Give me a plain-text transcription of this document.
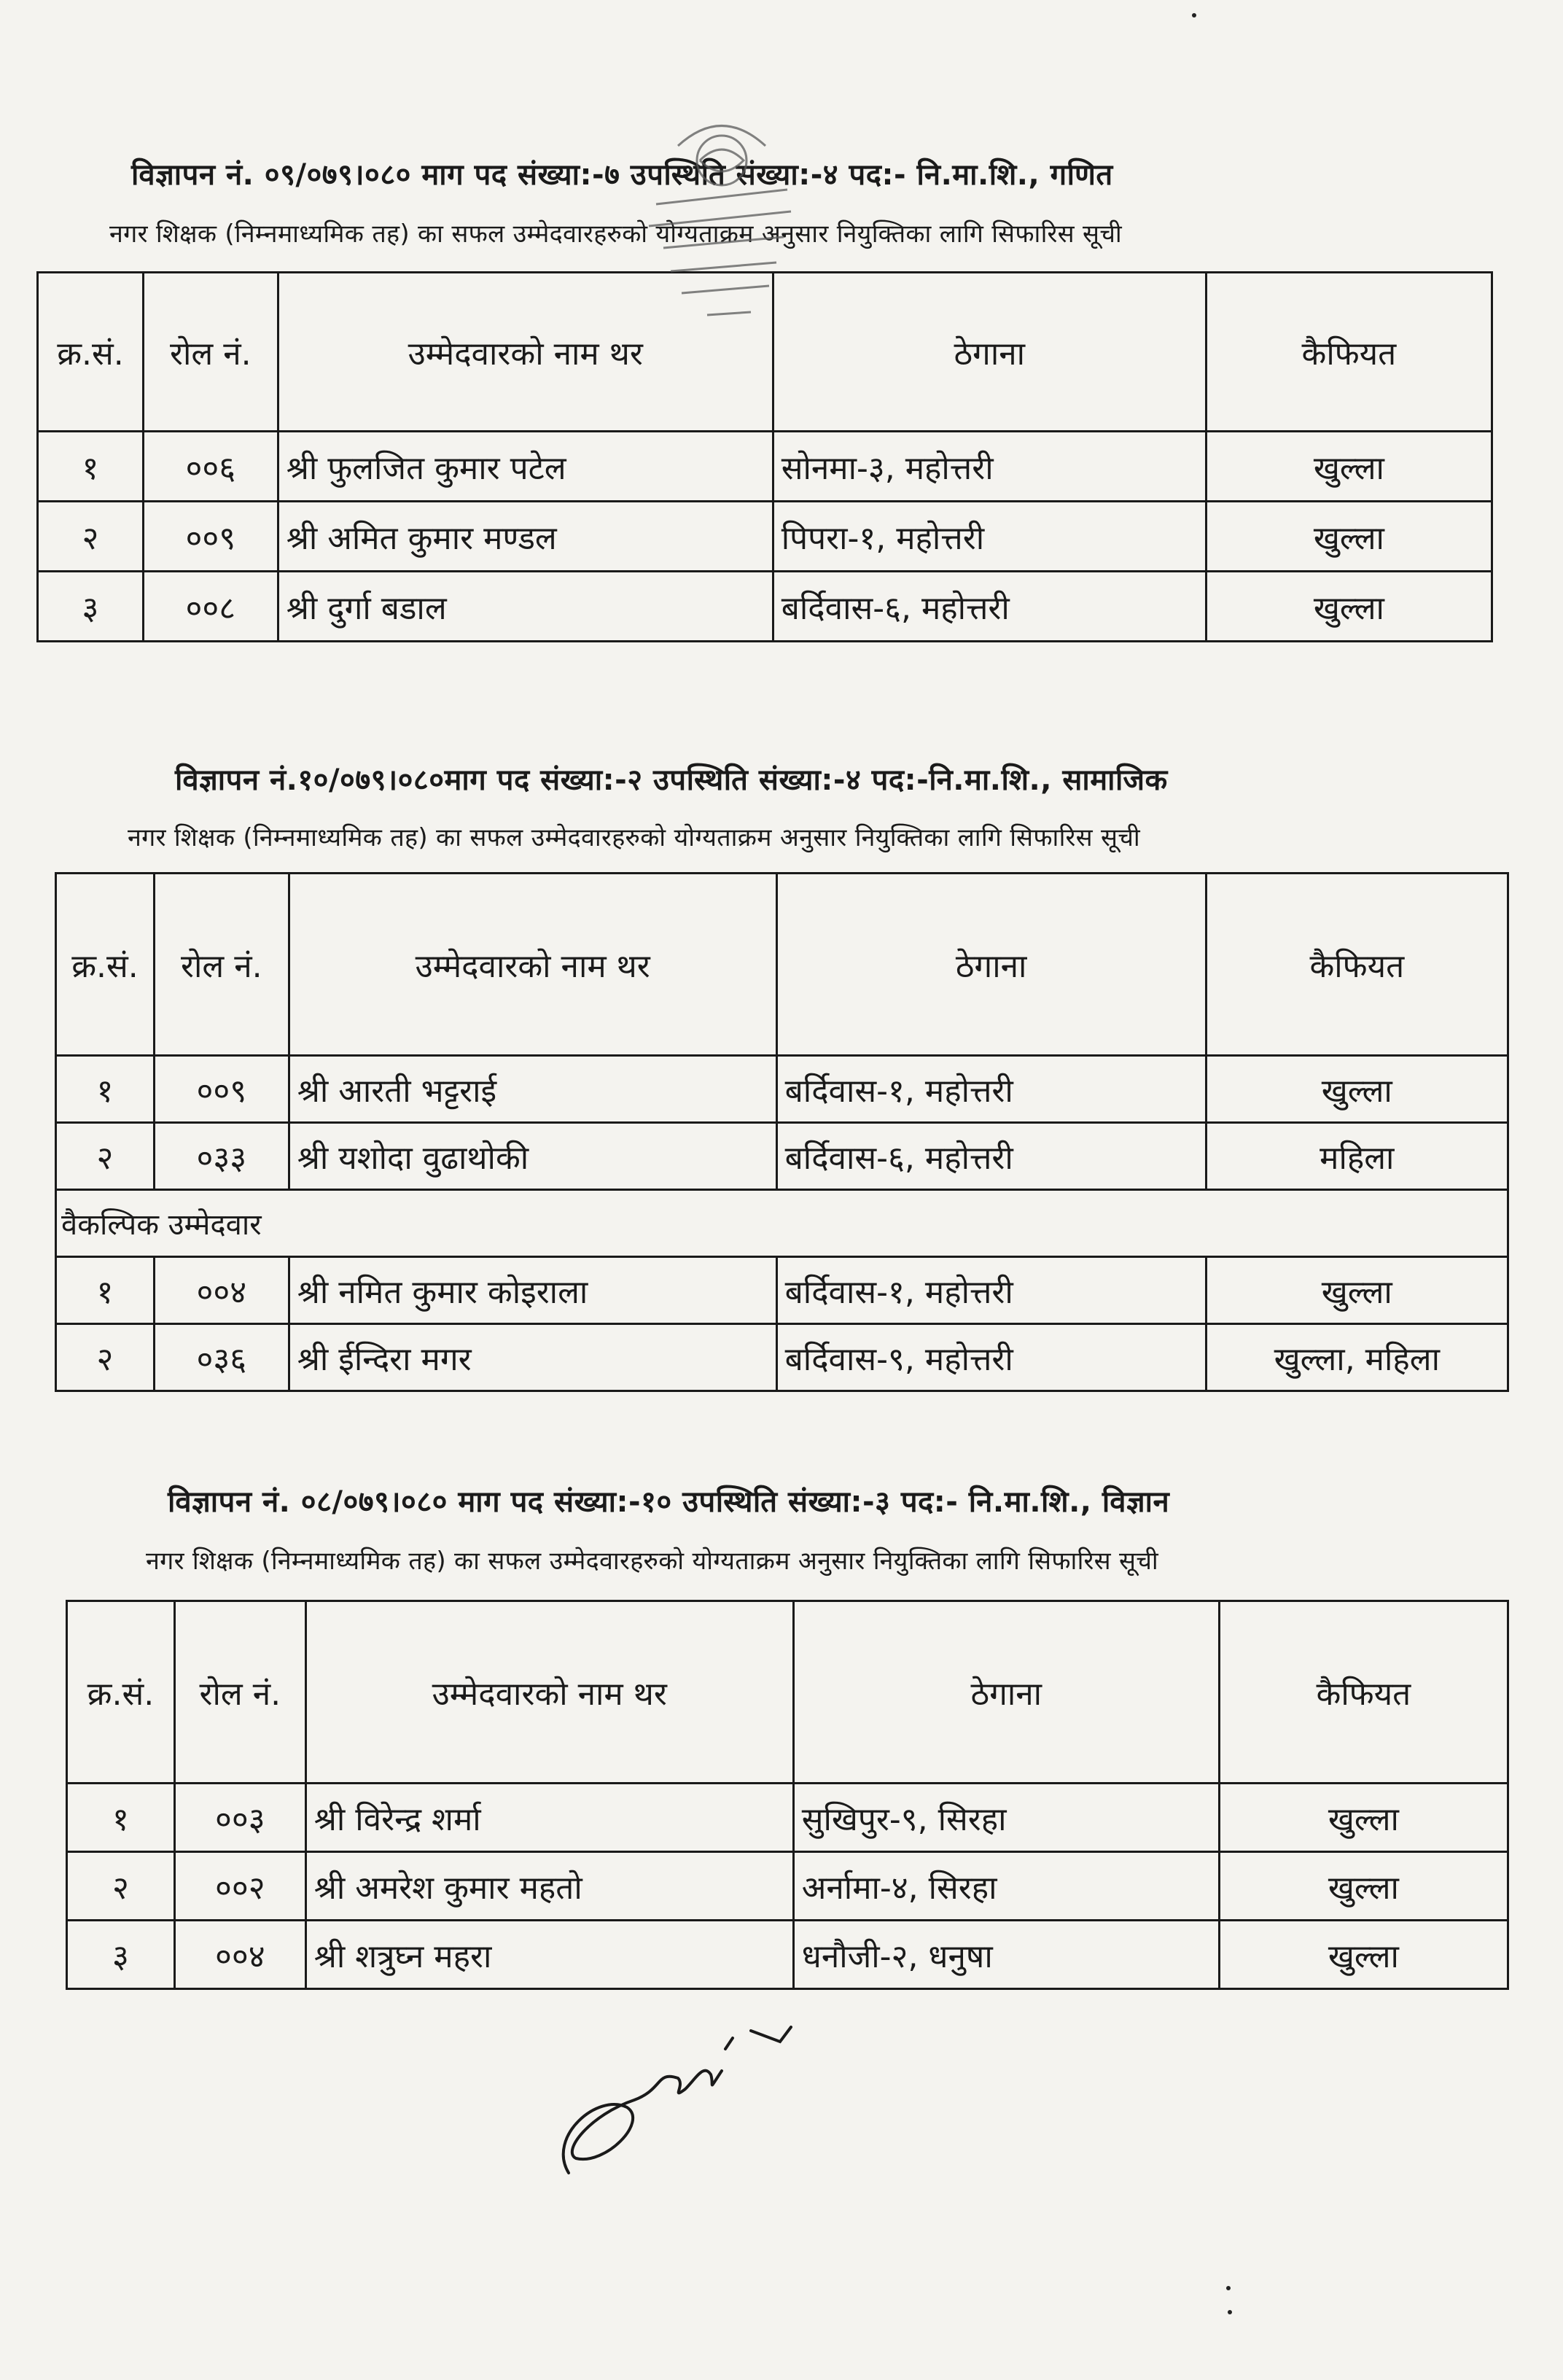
विज्ञापन नं. ०९/०७९।०८० माग पद संख्या:-७ उपस्थिति संख्या:-४ पद:- नि.मा.शि., गणित
नगर शिक्षक (निम्नमाध्यमिक तह) का सफल उम्मेदवारहरुको योग्यताक्रम अनुसार नियुक्तिका लागि सिफारिस सूची
क्र.सं.	रोल नं.	उम्मेदवारको नाम थर	ठेगाना	कैफियत
१	००६	श्री फुलजित कुमार पटेल	सोनमा-३, महोत्तरी	खुल्ला
२	००९	श्री अमित कुमार मण्डल	पिपरा-१, महोत्तरी	खुल्ला
३	००८	श्री दुर्गा बडाल	बर्दिवास-६, महोत्तरी	खुल्ला
विज्ञापन नं.१०/०७९।०८०माग पद संख्या:-२ उपस्थिति संख्या:-४ पद:-नि.मा.शि., सामाजिक
नगर शिक्षक (निम्नमाध्यमिक तह) का सफल उम्मेदवारहरुको योग्यताक्रम अनुसार नियुक्तिका लागि सिफारिस सूची
क्र.सं.	रोल नं.	उम्मेदवारको नाम थर	ठेगाना	कैफियत
१	००९	श्री आरती भट्टराई	बर्दिवास-१, महोत्तरी	खुल्ला
२	०३३	श्री यशोदा वुढाथोकी	बर्दिवास-६, महोत्तरी	महिला
वैकल्पिक उम्मेदवार				
१	००४	श्री नमित कुमार कोइराला	बर्दिवास-१, महोत्तरी	खुल्ला
२	०३६	श्री ईन्दिरा मगर	बर्दिवास-९, महोत्तरी	खुल्ला, महिला
विज्ञापन नं. ०८/०७९।०८० माग पद संख्या:-१० उपस्थिति संख्या:-३ पद:- नि.मा.शि., विज्ञान
नगर शिक्षक (निम्नमाध्यमिक तह) का सफल उम्मेदवारहरुको योग्यताक्रम अनुसार नियुक्तिका लागि सिफारिस सूची
क्र.सं.	रोल नं.	उम्मेदवारको नाम थर	ठेगाना	कैफियत
१	००३	श्री विरेन्द्र शर्मा	सुखिपुर-९, सिरहा	खुल्ला
२	००२	श्री अमरेश कुमार महतो	अर्नामा-४, सिरहा	खुल्ला
३	००४	श्री शत्रुघ्न महरा	धनौजी-२, धनुषा	खुल्ला
